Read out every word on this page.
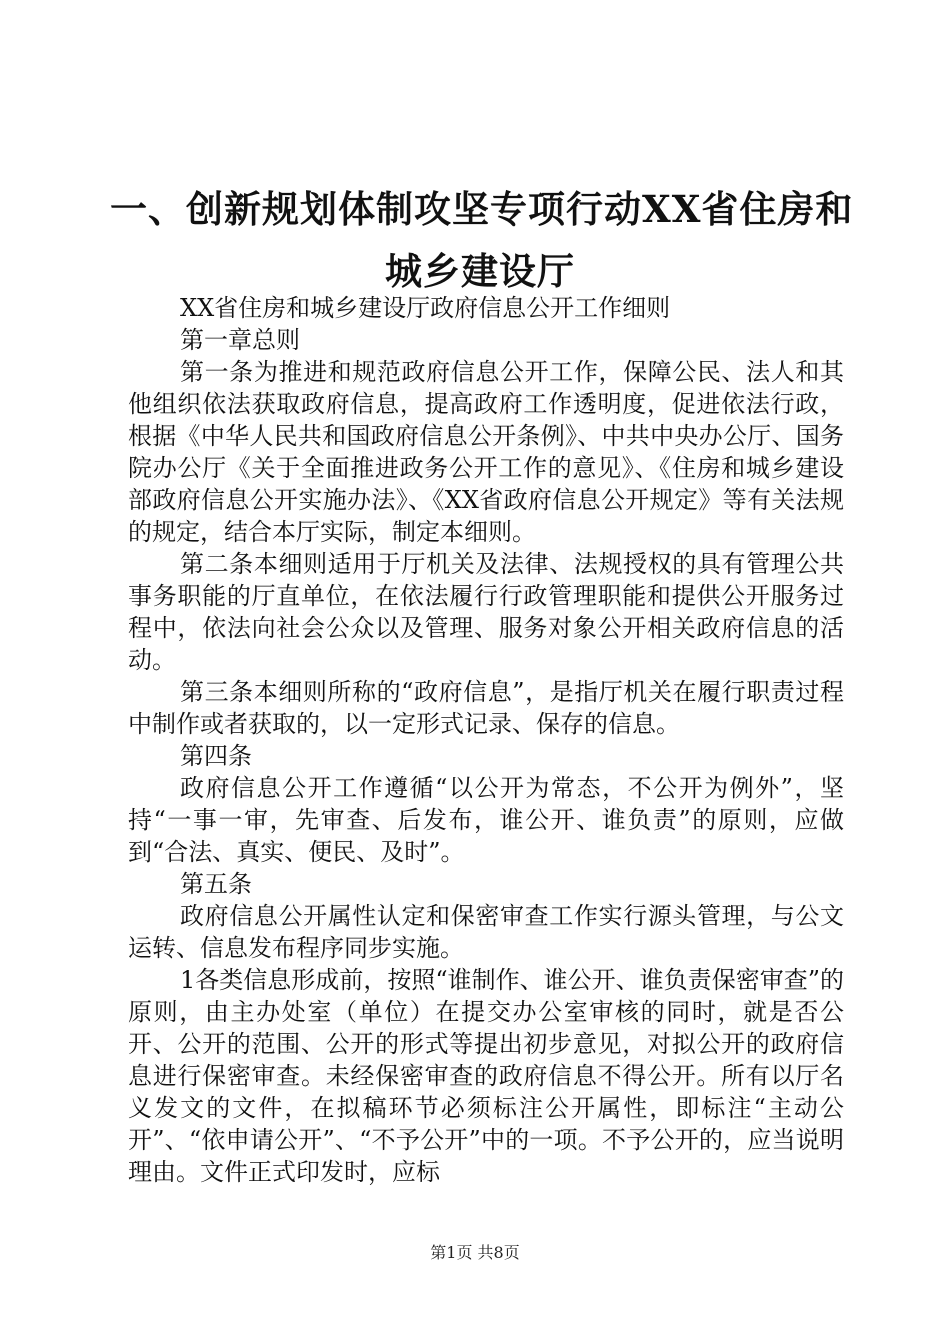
一、创新规划体制攻坚专项行动XX省住房和
城乡建设厅

XX省住房和城乡建设厅政府信息公开工作细则

第一章总则

第一条为推进和规范政府信息公开工作，保障公民、法人和其他组织依法获取政府信息，提高政府工作透明度，促进依法行政，根据《中华人民共和国政府信息公开条例》、中共中央办公厅、国务院办公厅《关于全面推进政务公开工作的意见》、《住房和城乡建设部政府信息公开实施办法》、《XX省政府信息公开规定》等有关法规的规定，结合本厅实际，制定本细则。

第二条本细则适用于厅机关及法律、法规授权的具有管理公共事务职能的厅直单位，在依法履行行政管理职能和提供公开服务过程中，依法向社会公众以及管理、服务对象公开相关政府信息的活动。

第三条本细则所称的“政府信息”，是指厅机关在履行职责过程中制作或者获取的，以一定形式记录、保存的信息。

第四条

政府信息公开工作遵循“以公开为常态，不公开为例外”，坚持“一事一审，先审查、后发布，谁公开、谁负责”的原则，应做到“合法、真实、便民、及时”。

第五条

政府信息公开属性认定和保密审查工作实行源头管理，与公文运转、信息发布程序同步实施。

1各类信息形成前，按照“谁制作、谁公开、谁负责保密审查”的原则，由主办处室（单位）在提交办公室审核的同时，就是否公开、公开的范围、公开的形式等提出初步意见，对拟公开的政府信息进行保密审查。未经保密审查的政府信息不得公开。所有以厅名义发文的文件，在拟稿环节必须标注公开属性，即标注“主动公开”、“依申请公开”、“不予公开”中的一项。不予公开的，应当说明理由。文件正式印发时，应标

第1页 共8页
